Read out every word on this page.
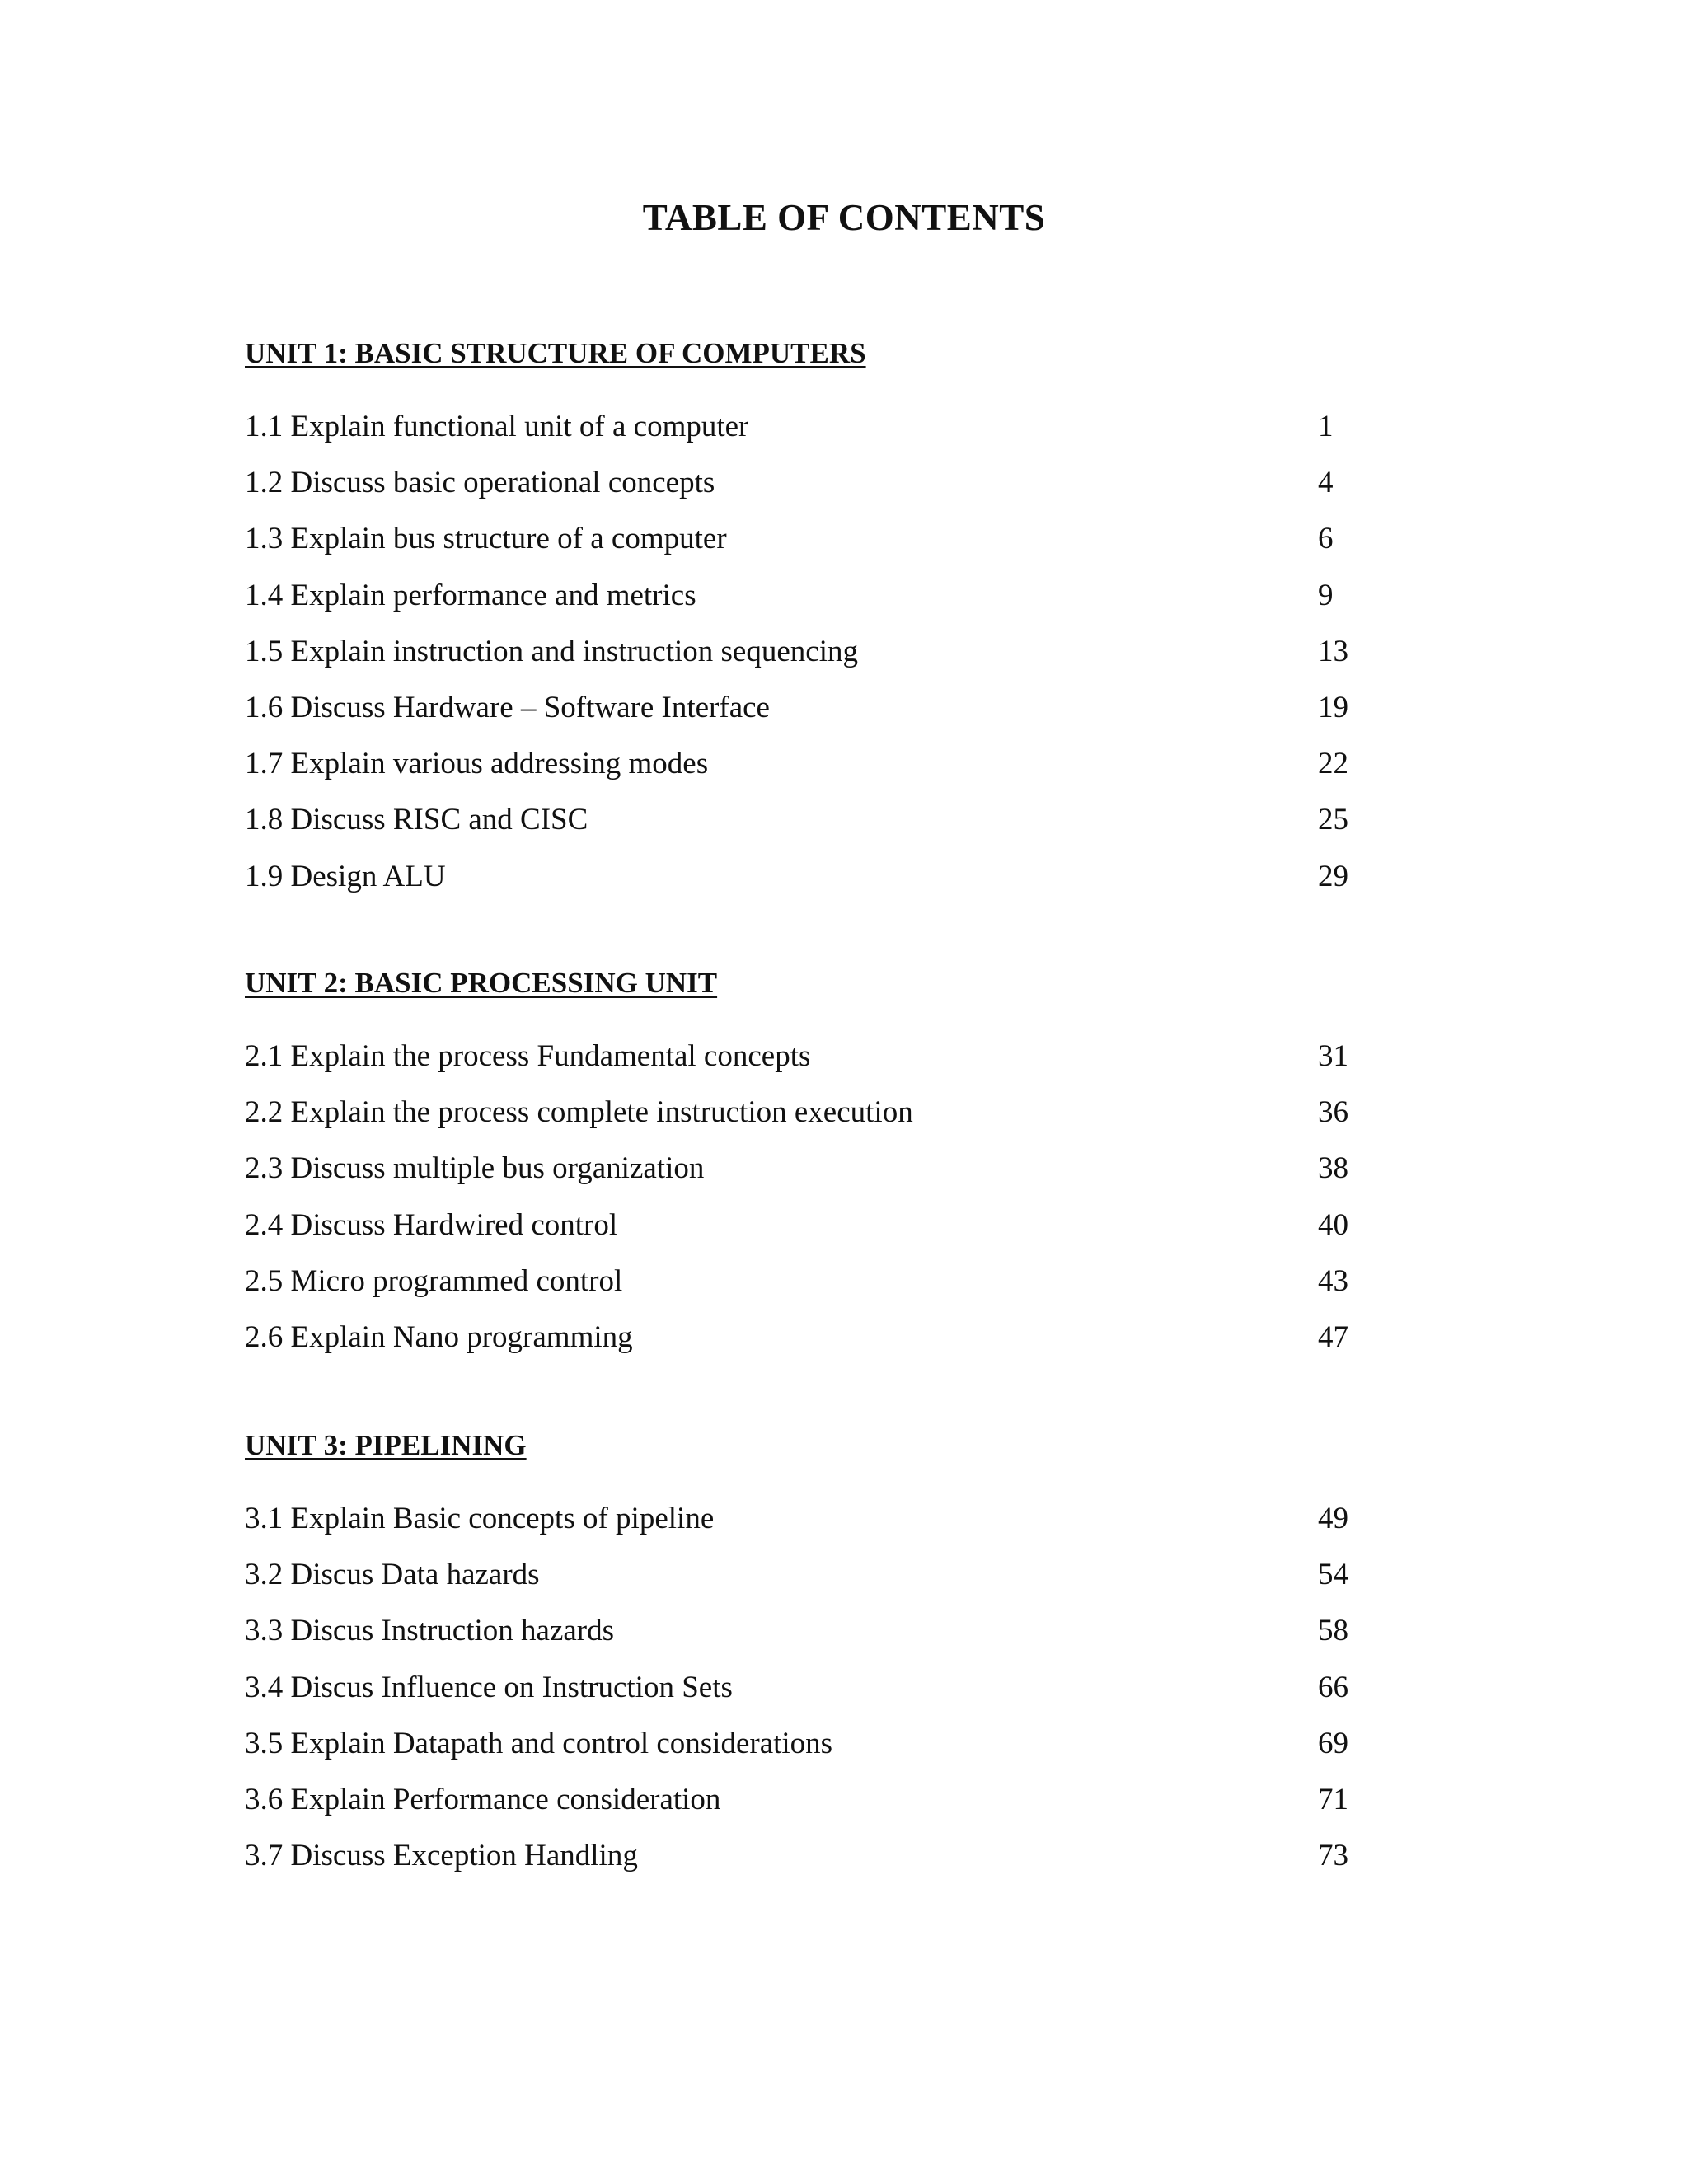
TABLE OF CONTENTS
UNIT 1: BASIC STRUCTURE OF COMPUTERS
1.1 Explain functional unit of a computer	1
1.2 Discuss basic operational concepts	4
1.3 Explain bus structure of a computer	6
1.4 Explain performance and metrics	9
1.5 Explain instruction and instruction sequencing	13
1.6 Discuss Hardware – Software Interface	19
1.7 Explain various addressing modes	22
1.8 Discuss RISC and CISC	25
1.9 Design ALU	29
UNIT 2: BASIC PROCESSING UNIT
2.1 Explain the process Fundamental concepts	31
2.2 Explain the process complete instruction execution	36
2.3 Discuss multiple bus organization	38
2.4 Discuss Hardwired control	40
2.5 Micro programmed control	43
2.6 Explain Nano programming	47
UNIT 3: PIPELINING
3.1 Explain Basic concepts of pipeline	49
3.2 Discus Data hazards	54
3.3 Discus Instruction hazards	58
3.4 Discus Influence on Instruction Sets	66
3.5 Explain Datapath and control considerations	69
3.6 Explain Performance consideration	71
3.7 Discuss Exception Handling	73
